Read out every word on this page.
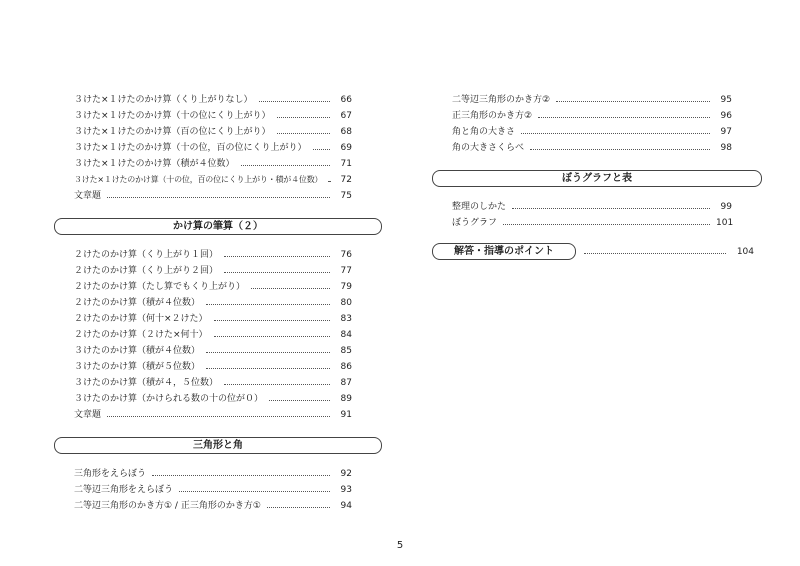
３けた×１けたのかけ算（くり上がりなし）	66
３けた×１けたのかけ算（十の位にくり上がり）	67
３けた×１けたのかけ算（百の位にくり上がり）	68
３けた×１けたのかけ算（十の位，百の位にくり上がり）	69
３けた×１けたのかけ算（積が４位数）	71
３けた×１けたのかけ算（十の位，百の位にくり上がり・積が４位数）	72
文章題	75
かけ算の筆算（２）
２けたのかけ算（くり上がり１回）	76
２けたのかけ算（くり上がり２回）	77
２けたのかけ算（たし算でもくり上がり）	79
２けたのかけ算（積が４位数）	80
２けたのかけ算（何十×２けた）	83
２けたのかけ算（２けた×何十）	84
３けたのかけ算（積が４位数）	85
３けたのかけ算（積が５位数）	86
３けたのかけ算（積が４，５位数）	87
３けたのかけ算（かけられる数の十の位が０）	89
文章題	91
三角形と角
三角形をえらぼう	92
二等辺三角形をえらぼう	93
二等辺三角形のかき方① / 正三角形のかき方①	94
二等辺三角形のかき方②	95
正三角形のかき方②	96
角と角の大きさ	97
角の大きさくらべ	98
ぼうグラフと表
整理のしかた	99
ぼうグラフ	101
解答・指導のポイント	104
5
